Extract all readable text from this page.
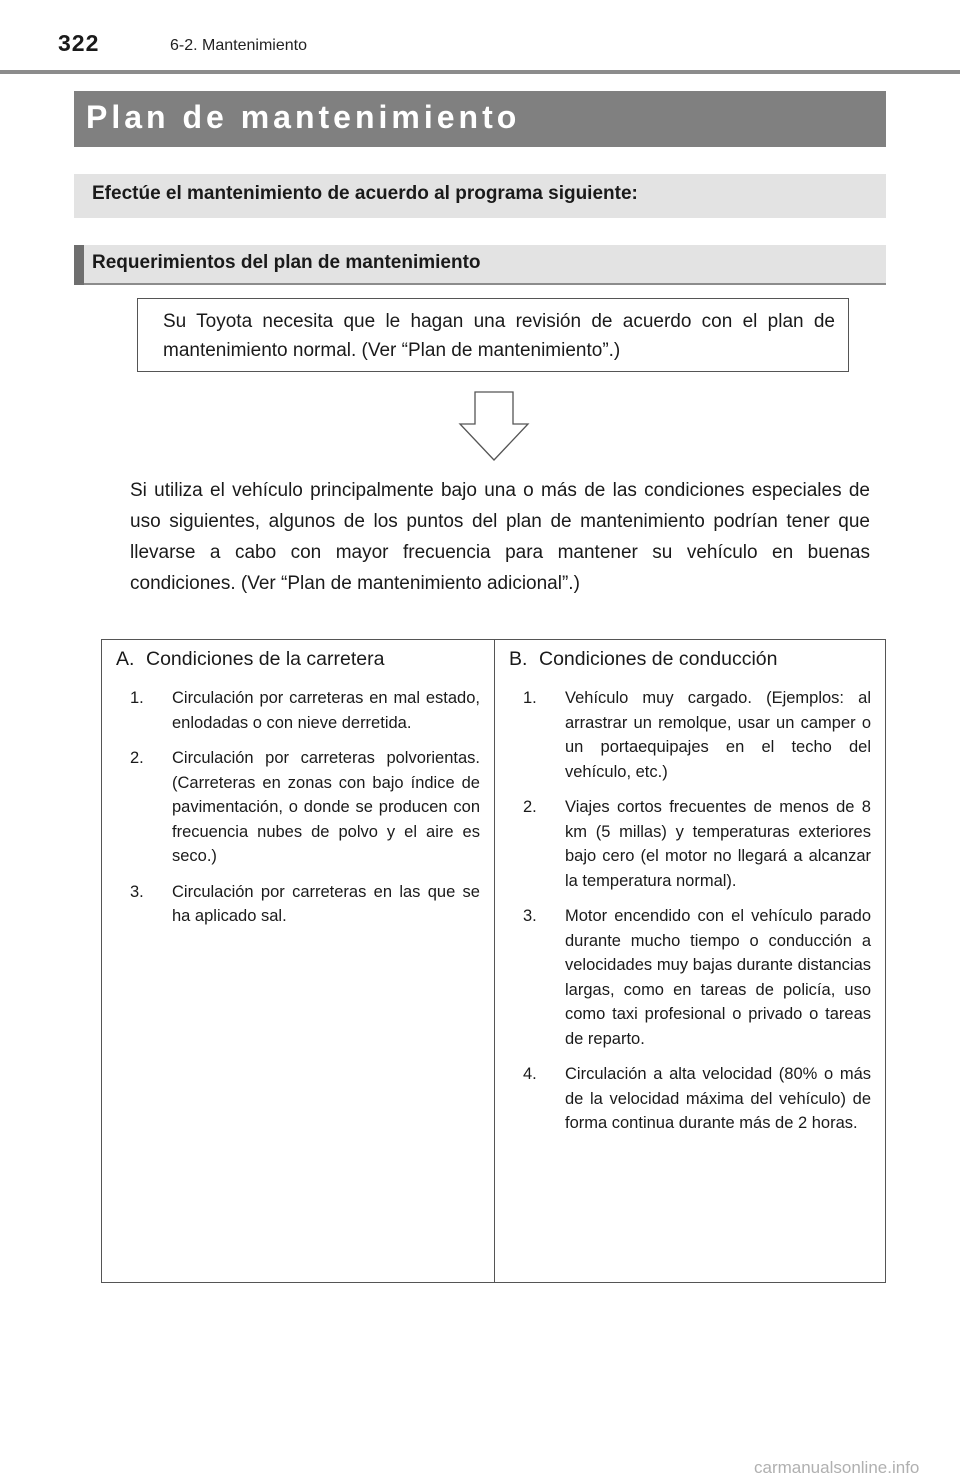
322	6-2. Mantenimiento
Plan de mantenimiento
Efectúe el mantenimiento de acuerdo al programa siguiente:
Requerimientos del plan de mantenimiento

Su Toyota necesita que le hagan una revisión de acuerdo con el plan de mantenimiento normal. (Ver “Plan de mantenimiento”.)

Si utiliza el vehículo principalmente bajo una o más de las condiciones especiales de uso siguientes, algunos de los puntos del plan de mantenimiento podrían tener que llevarse a cabo con mayor frecuencia para mantener su vehículo en buenas condiciones. (Ver “Plan de mantenimiento adicional”.)

A. Condiciones de la carretera
1. Circulación por carreteras en mal estado, enlodadas o con nieve derretida.
2. Circulación por carreteras polvorientas. (Carreteras en zonas con bajo índice de pavimentación, o donde se producen con frecuencia nubes de polvo y el aire es seco.)
3. Circulación por carreteras en las que se ha aplicado sal.
B. Condiciones de conducción
1. Vehículo muy cargado. (Ejemplos: al arrastrar un remolque, usar un camper o un portaequipajes en el techo del vehículo, etc.)
2. Viajes cortos frecuentes de menos de 8 km (5 millas) y temperaturas exteriores bajo cero (el motor no llegará a alcanzar la temperatura normal).
3. Motor encendido con el vehículo parado durante mucho tiempo o conducción a velocidades muy bajas durante distancias largas, como en tareas de policía, uso como taxi profesional o privado o tareas de reparto.
4. Circulación a alta velocidad (80% o más de la velocidad máxima del vehículo) de forma continua durante más de 2 horas.
carmanualsonline.info
